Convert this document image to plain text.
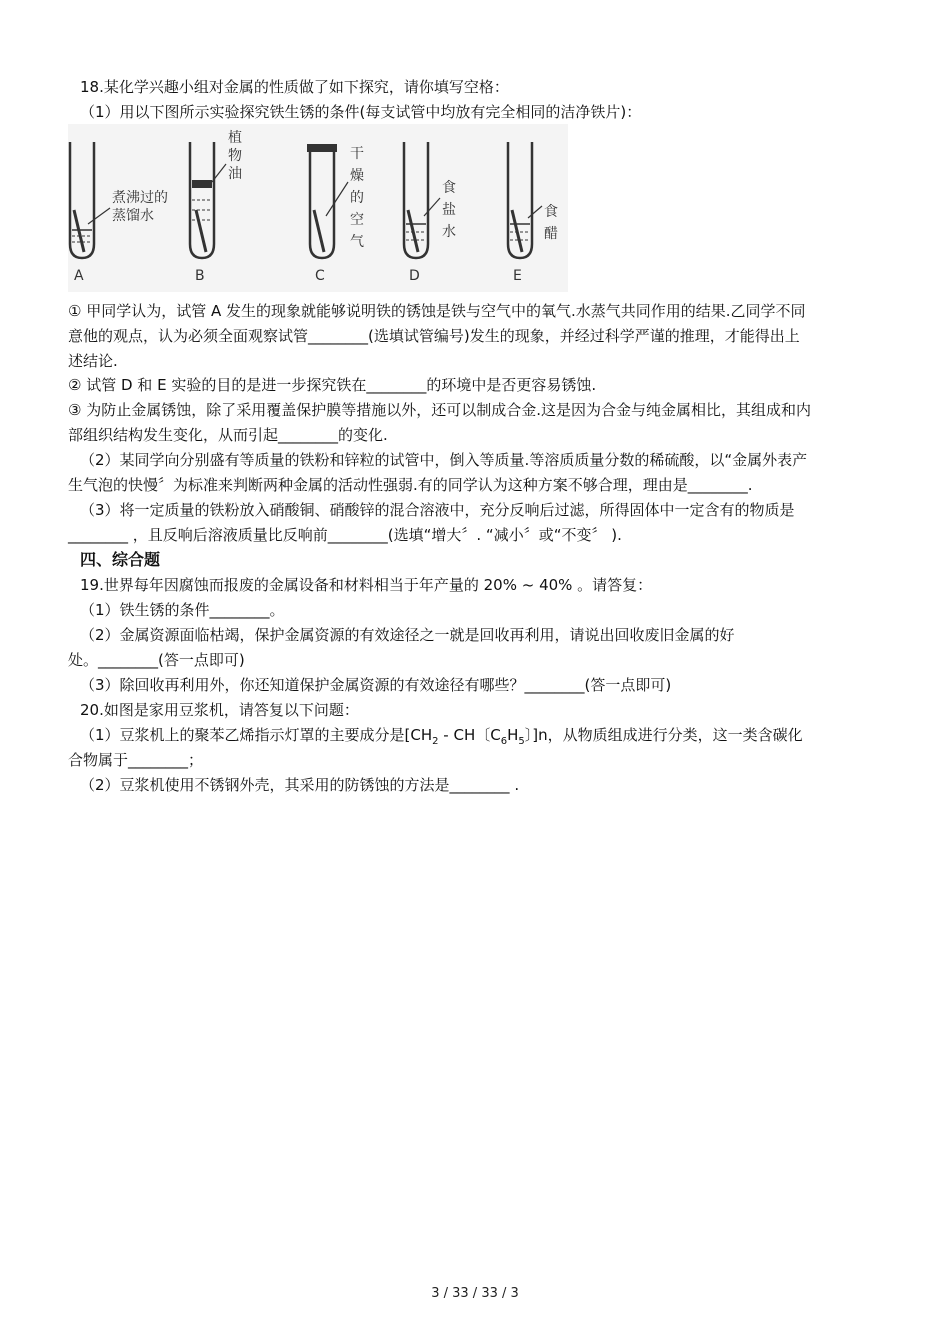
18.某化学兴趣小组对金属的性质做了如下探究，请你填写空格：
（1）用以下图所示实验探究铁生锈的条件(每支试管中均放有完全相同的洁净铁片)：
煮沸过的
蒸馏水
A
植
物
油
B
干
燥
的
空
气
C
食
盐
水
D
食
醋
E
① 甲同学认为，试管 A 发生的现象就能够说明铁的锈蚀是铁与空气中的氧气.水蒸气共同作用的结果.乙同学不同
意他的观点，认为必须全面观察试管________(选填试管编号)发生的现象，并经过科学严谨的推理，才能得出上
述结论.
② 试管 D 和 E 实验的目的是进一步探究铁在________的环境中是否更容易锈蚀.
③ 为防止金属锈蚀，除了采用覆盖保护膜等措施以外，还可以制成合金.这是因为合金与纯金属相比，其组成和内
部组织结构发生变化，从而引起________的变化.
（2）某同学向分别盛有等质量的铁粉和锌粒的试管中，倒入等质量.等溶质质量分数的稀硫酸，以“金属外表产
生气泡的快慢〞为标准来判断两种金属的活动性强弱.有的同学认为这种方案不够合理，理由是________.
（3）将一定质量的铁粉放入硝酸铜、硝酸锌的混合溶液中，充分反响后过滤，所得固体中一定含有的物质是
________ ，且反响后溶液质量比反响前________(选填“增大〞. “减小〞或“不变〞 ).
四、综合题
19.世界每年因腐蚀而报废的金属设备和材料相当于年产量的 20% ~ 40% 。请答复：
（1）铁生锈的条件________。
（2）金属资源面临枯竭，保护金属资源的有效途径之一就是回收再利用，请说出回收废旧金属的好
处。________(答一点即可)
（3）除回收再利用外，你还知道保护金属资源的有效途径有哪些？________(答一点即可)
20.如图是家用豆浆机，请答复以下问题：
（1）豆浆机上的聚苯乙烯指示灯罩的主要成分是[$CH_2$ - CH〔$C_6H_5$〕]n，从物质组成进行分类，这一类含碳化
合物属于________；
（2）豆浆机使用不锈钢外壳，其采用的防锈蚀的方法是________ .
3 / 33 / 33 / 3
